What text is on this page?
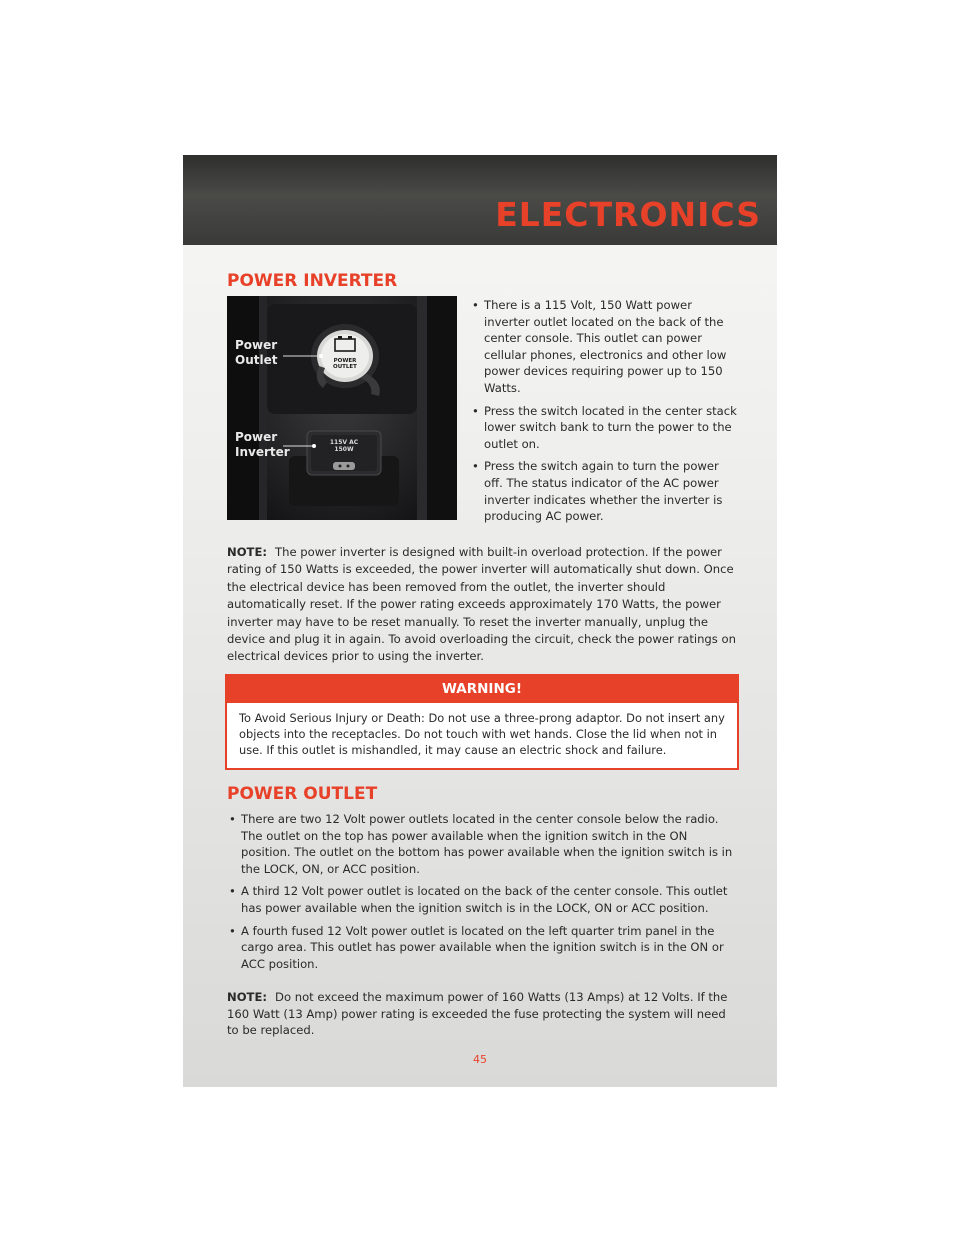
ELECTRONICS
POWER INVERTER
Power
Outlet
Power
Inverter
POWER
OUTLET
115V AC
150W
• There is a 115 Volt, 150 Watt power inverter outlet located on the back of the center console. This outlet can power cellular phones, electronics and other low power devices requiring power up to 150 Watts.
• Press the switch located in the center stack lower switch bank to turn the power to the outlet on.
• Press the switch again to turn the power off. The status indicator of the AC power inverter indicates whether the inverter is producing AC power.
NOTE: The power inverter is designed with built-in overload protection. If the power rating of 150 Watts is exceeded, the power inverter will automatically shut down. Once the electrical device has been removed from the outlet, the inverter should automatically reset. If the power rating exceeds approximately 170 Watts, the power inverter may have to be reset manually. To reset the inverter manually, unplug the device and plug it in again. To avoid overloading the circuit, check the power ratings on electrical devices prior to using the inverter.
WARNING!
To Avoid Serious Injury or Death: Do not use a three-prong adaptor. Do not insert any objects into the receptacles. Do not touch with wet hands. Close the lid when not in use. If this outlet is mishandled, it may cause an electric shock and failure.
POWER OUTLET
• There are two 12 Volt power outlets located in the center console below the radio. The outlet on the top has power available when the ignition switch in the ON position. The outlet on the bottom has power available when the ignition switch is in the LOCK, ON, or ACC position.
• A third 12 Volt power outlet is located on the back of the center console. This outlet has power available when the ignition switch is in the LOCK, ON or ACC position.
• A fourth fused 12 Volt power outlet is located on the left quarter trim panel in the cargo area. This outlet has power available when the ignition switch is in the ON or ACC position.
NOTE: Do not exceed the maximum power of 160 Watts (13 Amps) at 12 Volts. If the 160 Watt (13 Amp) power rating is exceeded the fuse protecting the system will need to be replaced.
45
